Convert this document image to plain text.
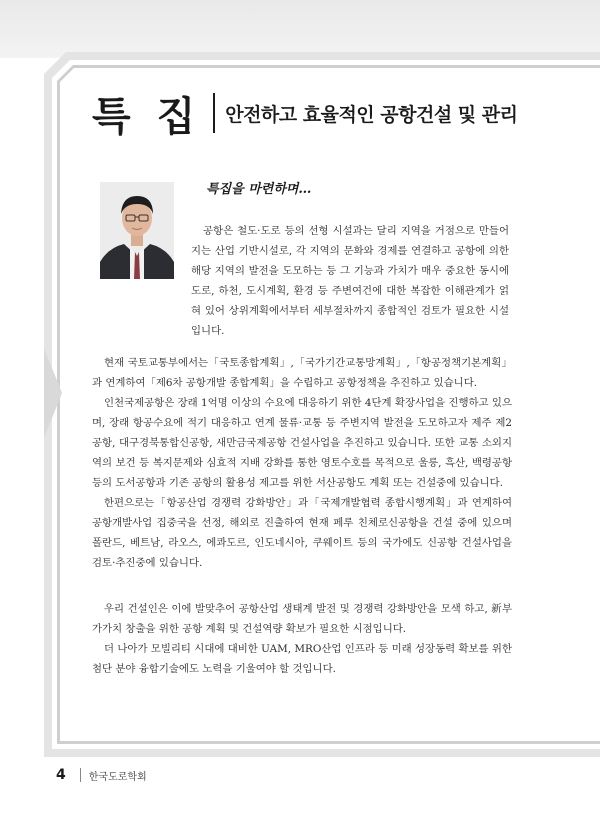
특 집 안전하고 효율적인 공항건설 및 관리
특집을 마련하며…

공항은 철도·도로 등의 선형 시설과는 달리 지역을 거점으로 만들어지는 산업 기반시설로, 각 지역의 문화와 경제를 연결하고 공항에 의한 해당 지역의 발전을 도모하는 등 그 기능과 가치가 매우 중요한 동시에 도로, 하천, 도시계획, 환경 등 주변여건에 대한 복잡한 이해관계가 얽혀 있어 상위계획에서부터 세부절차까지 종합적인 검토가 필요한 시설입니다.

현재 국토교통부에서는「국토종합계획」,「국가기간교통망계획」,「항공정책기본계획」과 연계하여「제6차 공항개발 종합계획」을 수립하고 공항정책을 추진하고 있습니다.

인천국제공항은 장래 1억명 이상의 수요에 대응하기 위한 4단계 확장사업을 진행하고 있으며, 장래 항공수요에 적기 대응하고 연계 물류·교통 등 주변지역 발전을 도모하고자 제주 제2공항, 대구경북통합신공항, 새만금국제공항 건설사업을 추진하고 있습니다. 또한 교통 소외지역의 보건 등 복지문제와 심효적 지배 강화를 통한 영토수호를 목적으로 울릉, 흑산, 백령공항 등의 도서공항과 기존 공항의 활용성 제고를 위한 서산공항도 계획 또는 건설중에 있습니다.

한편으로는「항공산업 경쟁력 강화방안」과「국제개발협력 종합시행계획」과 연계하여 공항개발사업 집중국을 선정, 해외로 진출하여 현재 페루 친체로신공항을 건설 중에 있으며 폴란드, 베트남, 라오스, 에콰도르, 인도네시아, 쿠웨이트 등의 국가에도 신공항 건설사업을 검토·추진중에 있습니다.

우리 건설인은 이에 발맞추어 공항산업 생태계 발전 및 경쟁력 강화방안을 모색 하고, 新부가가치 창출을 위한 공항 계획 및 건설역량 확보가 필요한 시점입니다.

더 나아가 모빌리티 시대에 대비한 UAM, MRO산업 인프라 등 미래 성장동력 확보를 위한 첨단 분야 융합기술에도 노력을 기울여야 할 것입니다.

4 한국도로학회
